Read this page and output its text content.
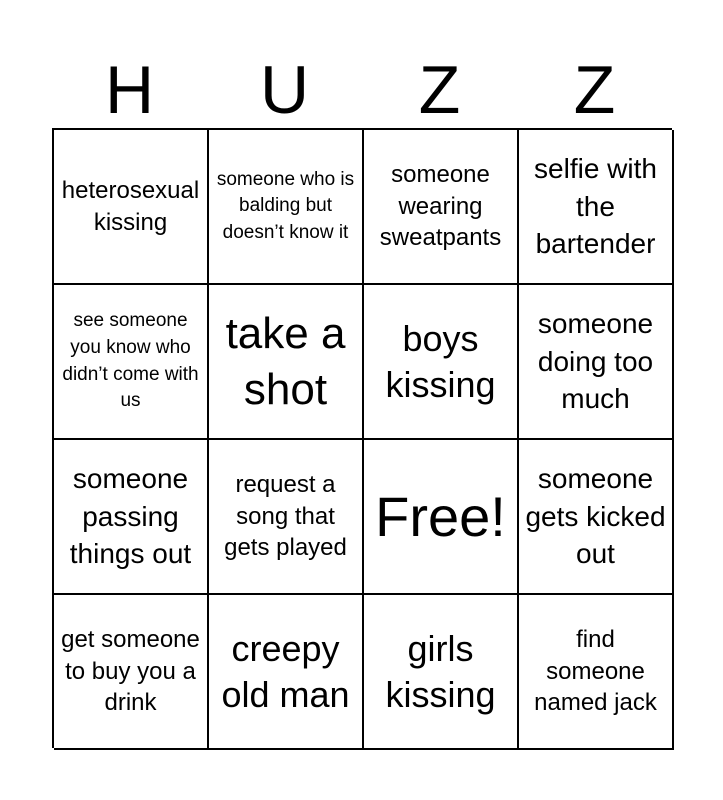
H	U	Z	Z
heterosexual kissing
someone who is balding but doesn’t know it
someone wearing sweatpants
selfie with the bartender
see someone you know who didn’t come with us
take a shot
boys kissing
someone doing too much
someone passing things out
request a song that gets played
Free!
someone gets kicked out
get someone to buy you a drink
creepy old man
girls kissing
find someone named jack
